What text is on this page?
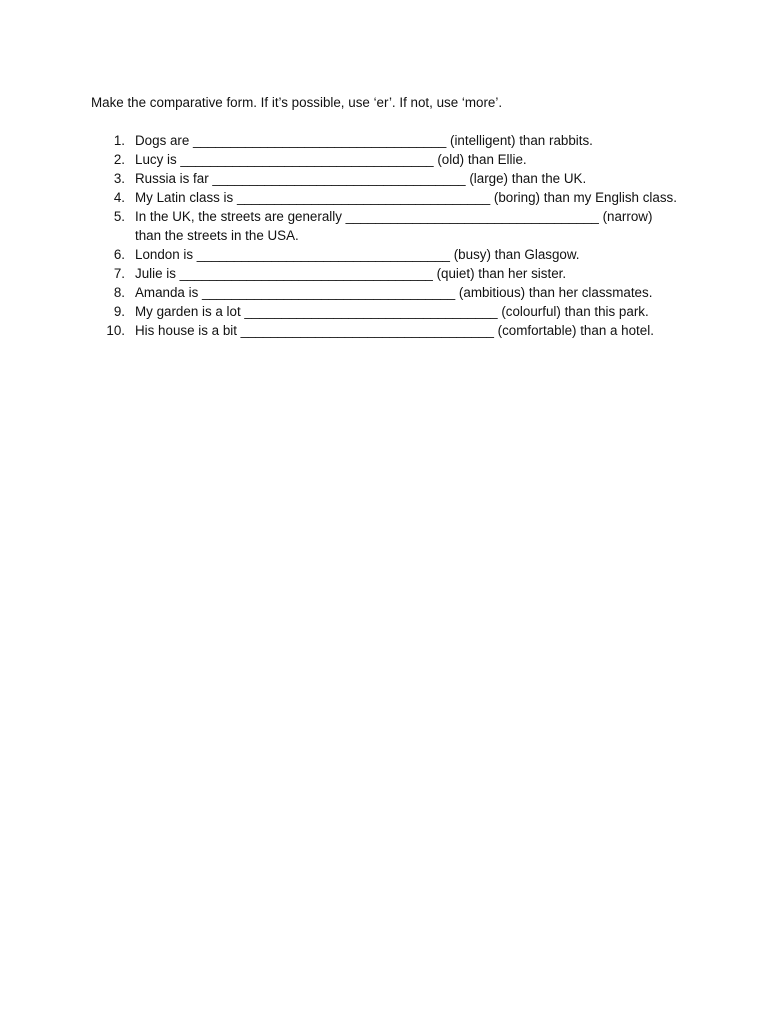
Make the comparative form. If it’s possible, use ‘er’. If not, use ‘more’.
1. Dogs are __________________________________ (intelligent) than rabbits.
2. Lucy is __________________________________ (old) than Ellie.
3. Russia is far __________________________________ (large) than the UK.
4. My Latin class is __________________________________ (boring) than my English class.
5. In the UK, the streets are generally __________________________________ (narrow)
than the streets in the USA.
6. London is __________________________________ (busy) than Glasgow.
7. Julie is __________________________________ (quiet) than her sister.
8. Amanda is __________________________________ (ambitious) than her classmates.
9. My garden is a lot __________________________________ (colourful) than this park.
10. His house is a bit __________________________________ (comfortable) than a hotel.
